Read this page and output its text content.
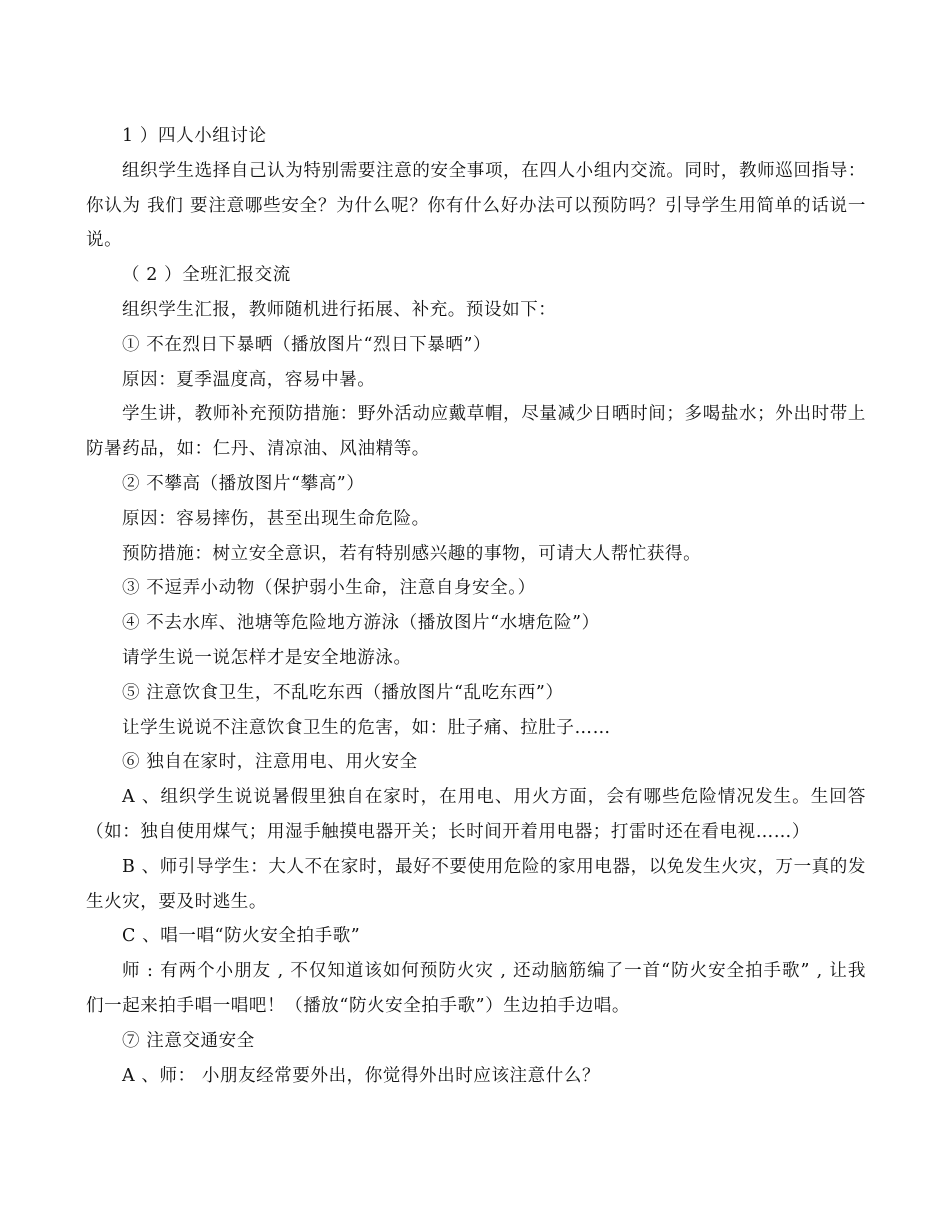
1 ）四人小组讨论

组织学生选择自己认为特别需要注意的安全事项，在四人小组内交流。同时，教师巡回指导：你认为 我们 要注意哪些安全？为什么呢？你有什么好办法可以预防吗？引导学生用简单的话说一说。

（ 2 ）全班汇报交流

组织学生汇报，教师随机进行拓展、补充。预设如下：

① 不在烈日下暴晒（播放图片“烈日下暴晒”）

原因：夏季温度高，容易中暑。

学生讲，教师补充预防措施：野外活动应戴草帽，尽量减少日晒时间；多喝盐水；外出时带上防暑药品，如：仁丹、清凉油、风油精等。

② 不攀高（播放图片“攀高”）

原因：容易摔伤，甚至出现生命危险。

预防措施：树立安全意识，若有特别感兴趣的事物，可请大人帮忙获得。

③ 不逗弄小动物（保护弱小生命，注意自身安全。）

④ 不去水库、池塘等危险地方游泳（播放图片“水塘危险”）

请学生说一说怎样才是安全地游泳。

⑤ 注意饮食卫生，不乱吃东西（播放图片“乱吃东西”）

让学生说说不注意饮食卫生的危害，如：肚子痛、拉肚子……

⑥ 独自在家时，注意用电、用火安全

A 、组织学生说说暑假里独自在家时，在用电、用火方面，会有哪些危险情况发生。生回答（如：独自使用煤气；用湿手触摸电器开关；长时间开着用电器；打雷时还在看电视……）

B 、师引导学生：大人不在家时，最好不要使用危险的家用电器，以免发生火灾，万一真的发生火灾，要及时逃生。

C 、唱一唱“防火安全拍手歌”

师 : 有两个小朋友 , 不仅知道该如何预防火灾 , 还动脑筋编了一首“防火安全拍手歌” , 让我们一起来拍手唱一唱吧！（播放“防火安全拍手歌”）生边拍手边唱。

⑦ 注意交通安全

A 、师： 小朋友经常要外出，你觉得外出时应该注意什么？
